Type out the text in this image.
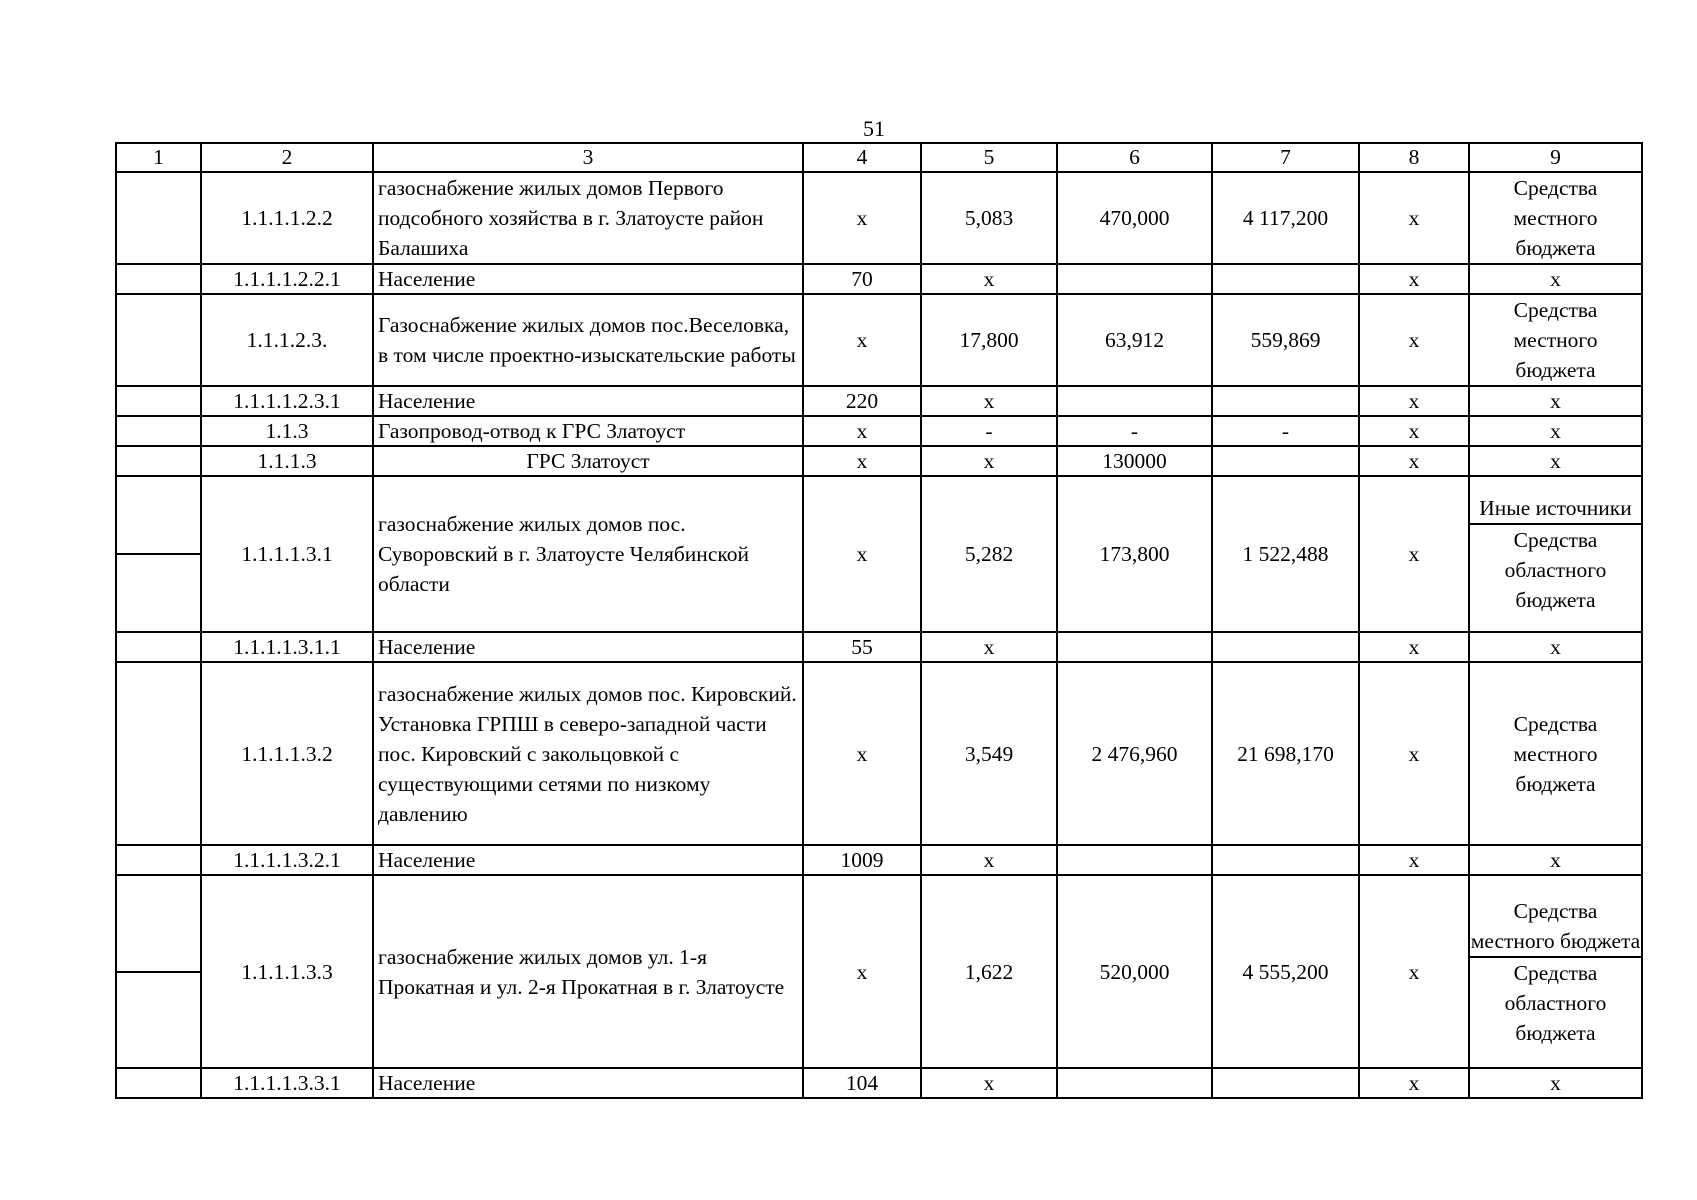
51
1	2	3	4	5	6	7	8	9
	1.1.1.1.2.2	газоснабжение жилых домов Первого подсобного хозяйства в г. Златоусте район Балашиха	х	5,083	470,000	4 117,200	х	Средства местного бюджета
	1.1.1.1.2.2.1	Население	70	х			х	х
	1.1.1.2.3.	Газоснабжение жилых домов пос.Веселовка, в том числе проектно-изыскательские работы	х	17,800	63,912	559,869	х	Средства местного бюджета
	1.1.1.1.2.3.1	Население	220	х			х	х
	1.1.3	Газопровод-отвод к ГРС Златоуст	х	-	-	-	х	х
	1.1.1.3	ГРС Златоуст	х	х	130000		х	х

	1.1.1.1.3.1	газоснабжение жилых домов пос. Суворовский в г. Златоусте Челябинской области	х	5,282	173,800	1 522,488	х	Иные источники
Средства областного бюджета

	1.1.1.1.3.1.1	Население	55	х			х	х
	1.1.1.1.3.2	газоснабжение жилых домов пос. Кировский. Установка ГРПШ в северо-западной части пос. Кировский с закольцовкой с существующими сетями по низкому давлению	х	3,549	2 476,960	21 698,170	х	Средства местного бюджета
	1.1.1.1.3.2.1	Население	1009	х			х	х

	1.1.1.1.3.3	газоснабжение жилых домов ул. 1-я Прокатная и ул. 2-я Прокатная в г. Златоусте	х	1,622	520,000	4 555,200	х	Средства местного бюджета
Средства областного бюджета

	1.1.1.1.3.3.1	Население	104	х			х	х
